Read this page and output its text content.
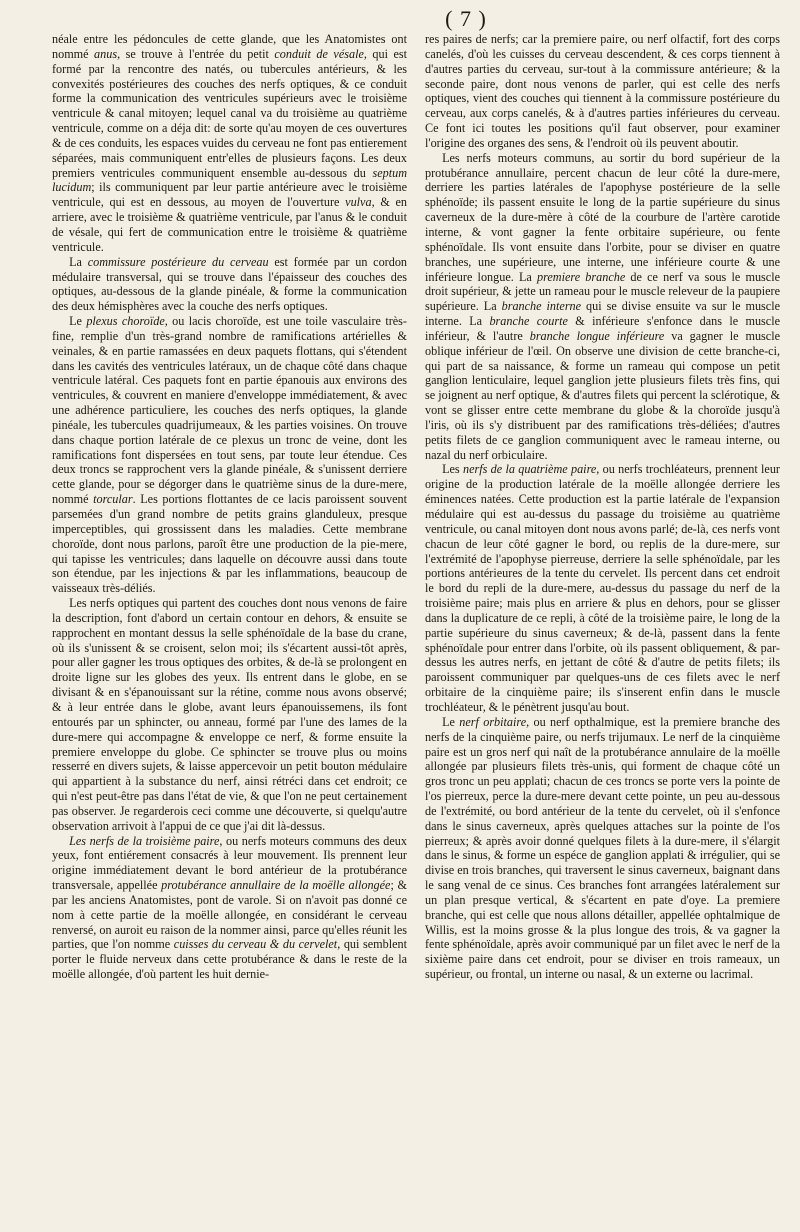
( 7 )

néale entre les pédoncules de cette glande, que les Anatomistes ont nommé anus, se trouve à l'entrée du petit conduit de vésale, qui est formé par la rencontre des natés, ou tubercules antérieurs, & les convexités postérieures des couches des nerfs optiques, & ce conduit forme la communication des ventricules supérieurs avec le troisième ventricule & canal mitoyen; lequel canal va du troisième au quatrième ventricule, comme on a déja dit: de sorte qu'au moyen de ces ouvertures & de ces conduits, les espaces vuides du cerveau ne font pas entierement séparées, mais communiquent entr'elles de plusieurs façons. Les deux premiers ventricules communiquent ensemble au-dessous du septum lucidum; ils communiquent par leur partie antérieure avec le troisième ventricule, qui est en dessous, au moyen de l'ouverture vulva, & en arriere, avec le troisième & quatrième ventricule, par l'anus & le conduit de vésale, qui fert de communication entre le troisième & quatrième ventricule.

La commissure postérieure du cerveau est formée par un cordon médulaire transversal, qui se trouve dans l'épaisseur des couches des optiques, au-dessous de la glande pinéale, & forme la communication des deux hémisphères avec la couche des nerfs optiques.

Le plexus choroïde, ou lacis choroïde, est une toile vasculaire très-fine, remplie d'un très-grand nombre de ramifications artérielles & veinales, & en partie ramassées en deux paquets flottans, qui s'étendent dans les cavités des ventricules latéraux, un de chaque côté dans chaque ventricule latéral. Ces paquets font en partie épanouis aux environs des ventricules, & couvrent en maniere d'enveloppe immédiatement, & avec une adhérence particuliere, les couches des nerfs optiques, la glande pinéale, les tubercules quadrijumeaux, & les parties voisines. On trouve dans chaque portion latérale de ce plexus un tronc de veine, dont les ramifications font dispersées en tout sens, par toute leur étendue. Ces deux troncs se rapprochent vers la glande pinéale, & s'unissent derriere cette glande, pour se dégorger dans le quatrième sinus de la dure-mere, nommé torcular. Les portions flottantes de ce lacis paroissent souvent parsemées d'un grand nombre de petits grains glanduleux, presque imperceptibles, qui grossissent dans les maladies. Cette membrane choroïde, dont nous parlons, paroît être une production de la pie-mere, qui tapisse les ventricules; dans laquelle on découvre aussi dans toute son étendue, par les injections & par les inflammations, beaucoup de vaisseaux très-déliés.

Les nerfs optiques qui partent des couches dont nous venons de faire la description, font d'abord un certain contour en dehors, & ensuite se rapprochent en montant dessus la selle sphénoïdale de la base du crane, où ils s'unissent & se croisent, selon moi; ils s'écartent aussi-tôt après, pour aller gagner les trous optiques des orbites, & de-là se prolongent en droite ligne sur les globes des yeux. Ils entrent dans le globe, en se divisant & en s'épanouissant sur la rétine, comme nous avons observé; & à leur entrée dans le globe, avant leurs épanouissemens, ils font entourés par un sphincter, ou anneau, formé par l'une des lames de la dure-mere qui accompagne & enveloppe ce nerf, & forme ensuite la premiere enveloppe du globe. Ce sphincter se trouve plus ou moins resserré en divers sujets, & laisse appercevoir un petit bouton médulaire qui appartient à la substance du nerf, ainsi rétréci dans cet endroit; ce qui n'est peut-être pas dans l'état de vie, & que l'on ne peut certainement pas observer. Je regarderois ceci comme une découverte, si quelqu'autre observation arrivoit à l'appui de ce que j'ai dit là-dessus.

Les nerfs de la troisième paire, ou nerfs moteurs communs des deux yeux, font entiérement consacrés à leur mouvement. Ils prennent leur origine immédiatement devant le bord antérieur de la protubérance transversale, appellée protubérance annullaire de la moëlle allongée; & par les anciens Anatomistes, pont de varole. Si on n'avoit pas donné ce nom à cette partie de la moëlle allongée, en considérant le cerveau renversé, on auroit eu raison de la nommer ainsi, parce qu'elles réunit les parties, que l'on nomme cuisses du cerveau & du cervelet, qui semblent porter le fluide nerveux dans cette protubérance & dans le reste de la moëlle allongée, d'où partent les huit dernie-

res paires de nerfs; car la premiere paire, ou nerf olfactif, fort des corps canelés, d'où les cuisses du cerveau descendent, & ces corps tiennent à d'autres parties du cerveau, sur-tout à la commissure antérieure; & la seconde paire, dont nous venons de parler, qui est celle des nerfs optiques, vient des couches qui tiennent à la commissure postérieure du cerveau, aux corps canelés, & à d'autres parties inférieures du cerveau. Ce font ici toutes les positions qu'il faut observer, pour examiner l'origine des organes des sens, & l'endroit où ils peuvent aboutir.

Les nerfs moteurs communs, au sortir du bord supérieur de la protubérance annullaire, percent chacun de leur côté la dure-mere, derriere les parties latérales de l'apophyse postérieure de la selle sphénoïde; ils passent ensuite le long de la partie supérieure du sinus caverneux de la dure-mère à côté de la courbure de l'artère carotide interne, & vont gagner la fente orbitaire supérieure, ou fente sphénoïdale. Ils vont ensuite dans l'orbite, pour se diviser en quatre branches, une supérieure, une interne, une inférieure courte & une inférieure longue. La premiere branche de ce nerf va sous le muscle droit supérieur, & jette un rameau pour le muscle releveur de la paupiere supérieure. La branche interne qui se divise ensuite va sur le muscle interne. La branche courte & inférieure s'enfonce dans le muscle inférieur, & l'autre branche longue inférieure va gagner le muscle oblique inférieur de l'œil. On observe une division de cette branche-ci, qui part de sa naissance, & forme un rameau qui compose un petit ganglion lenticulaire, lequel ganglion jette plusieurs filets très fins, qui se joignent au nerf optique, & d'autres filets qui percent la sclérotique, & vont se glisser entre cette membrane du globe & la choroïde jusqu'à l'iris, où ils s'y distribuent par des ramifications très-déliées; d'autres petits filets de ce ganglion communiquent avec le rameau interne, ou nazal du nerf orbiculaire.

Les nerfs de la quatrième paire, ou nerfs trochléateurs, prennent leur origine de la production latérale de la moëlle allongée derriere les éminences natées. Cette production est la partie latérale de l'expansion médulaire qui est au-dessus du passage du troisième au quatrième ventricule, ou canal mitoyen dont nous avons parlé; de-là, ces nerfs vont chacun de leur côté gagner le bord, ou replis de la dure-mere, sur l'extrémité de l'apophyse pierreuse, derriere la selle sphénoïdale, par les portions antérieures de la tente du cervelet. Ils percent dans cet endroit le bord du repli de la dure-mere, au-dessus du passage du nerf de la troisième paire; mais plus en arriere & plus en dehors, pour se glisser dans la duplicature de ce repli, à côté de la troisième paire, le long de la partie supérieure du sinus caverneux; & de-là, passent dans la fente sphénoïdale pour entrer dans l'orbite, où ils passent obliquement, & par-dessus les autres nerfs, en jettant de côté & d'autre de petits filets; ils paroissent communiquer par quelques-uns de ces filets avec le nerf orbitaire de la cinquième paire; ils s'inserent enfin dans le muscle trochléateur, & le pénètrent jusqu'au bout.

Le nerf orbitaire, ou nerf opthalmique, est la premiere branche des nerfs de la cinquième paire, ou nerfs trijumaux. Le nerf de la cinquième paire est un gros nerf qui naît de la protubérance annulaire de la moëlle allongée par plusieurs filets très-unis, qui forment de chaque côté un gros tronc un peu applati; chacun de ces troncs se porte vers la pointe de l'os pierreux, perce la dure-mere devant cette pointe, un peu au-dessous de l'extrémité, ou bord antérieur de la tente du cervelet, où il s'enfonce dans le sinus caverneux, après quelques attaches sur la pointe de l'os pierreux; & après avoir donné quelques filets à la dure-mere, il s'élargit dans le sinus, & forme un espéce de ganglion applati & irrégulier, qui se divise en trois branches, qui traversent le sinus caverneux, baignant dans le sang venal de ce sinus. Ces branches font arrangées latéralement sur un plan presque vertical, & s'écartent en pate d'oye. La premiere branche, qui est celle que nous allons détailler, appellée ophtalmique de Willis, est la moins grosse & la plus longue des trois, & va gagner la fente sphénoïdale, après avoir communiqué par un filet avec le nerf de la sixième paire dans cet endroit, pour se diviser en trois rameaux, un supérieur, ou frontal, un interne ou nasal, & un externe ou lacrimal.
